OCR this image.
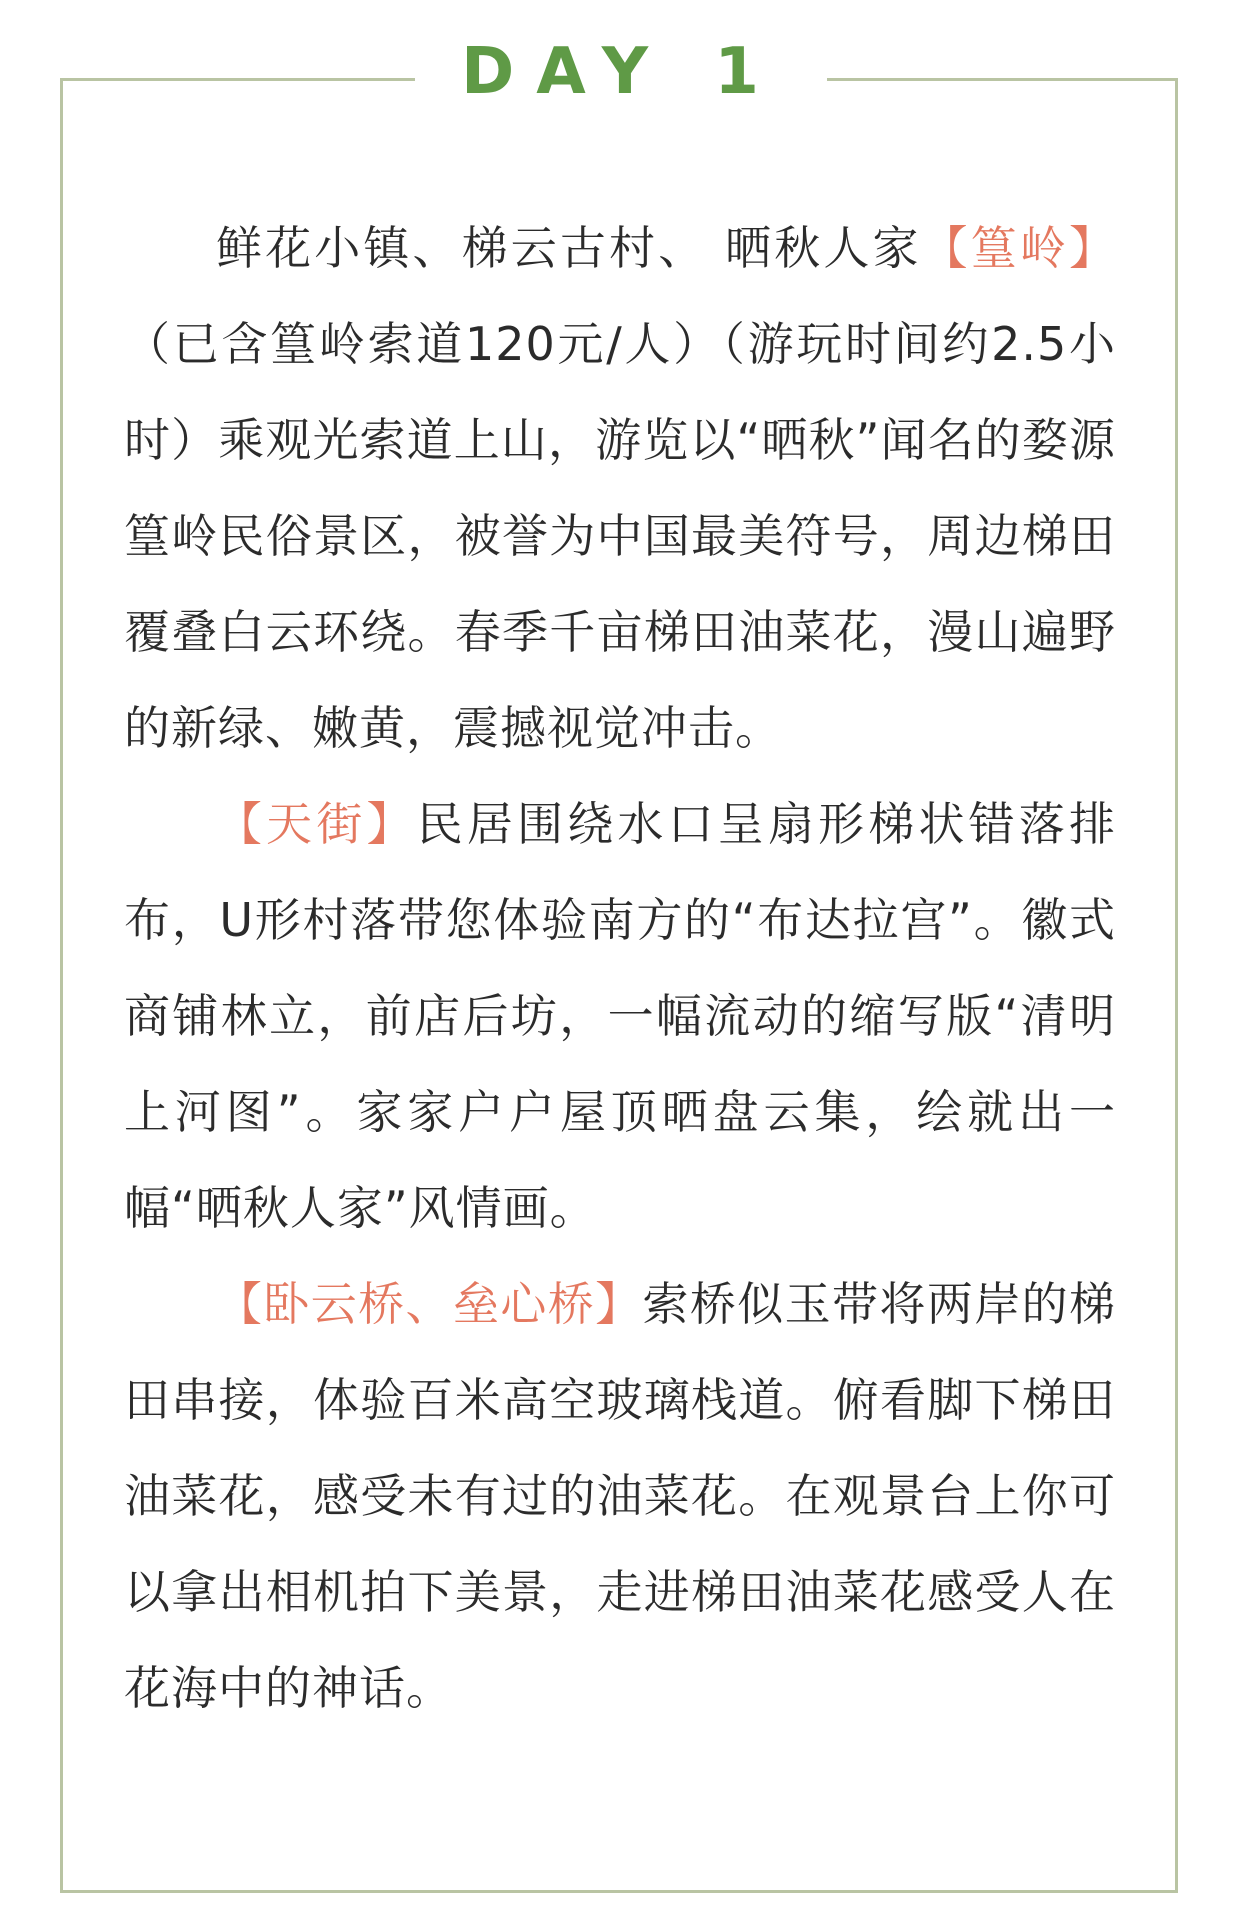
DAY 1

鲜花小镇、梯云古村、 晒秋人家【篁岭】（已含篁岭索道120元/人）（游玩时间约2.5小时）乘观光索道上山，游览以“晒秋”闻名的婺源篁岭民俗景区，被誉为中国最美符号，周边梯田覆叠白云环绕。春季千亩梯田油菜花，漫山遍野的新绿、嫩黄，震撼视觉冲击。

【天街】民居围绕水口呈扇形梯状错落排布，U形村落带您体验南方的“布达拉宫”。徽式商铺林立，前店后坊，一幅流动的缩写版“清明上河图”。家家户户屋顶晒盘云集，绘就出一幅“晒秋人家”风情画。

【卧云桥、垒心桥】索桥似玉带将两岸的梯田串接，体验百米高空玻璃栈道。俯看脚下梯田油菜花，感受未有过的油菜花。在观景台上你可以拿出相机拍下美景，走进梯田油菜花感受人在花海中的神话。
